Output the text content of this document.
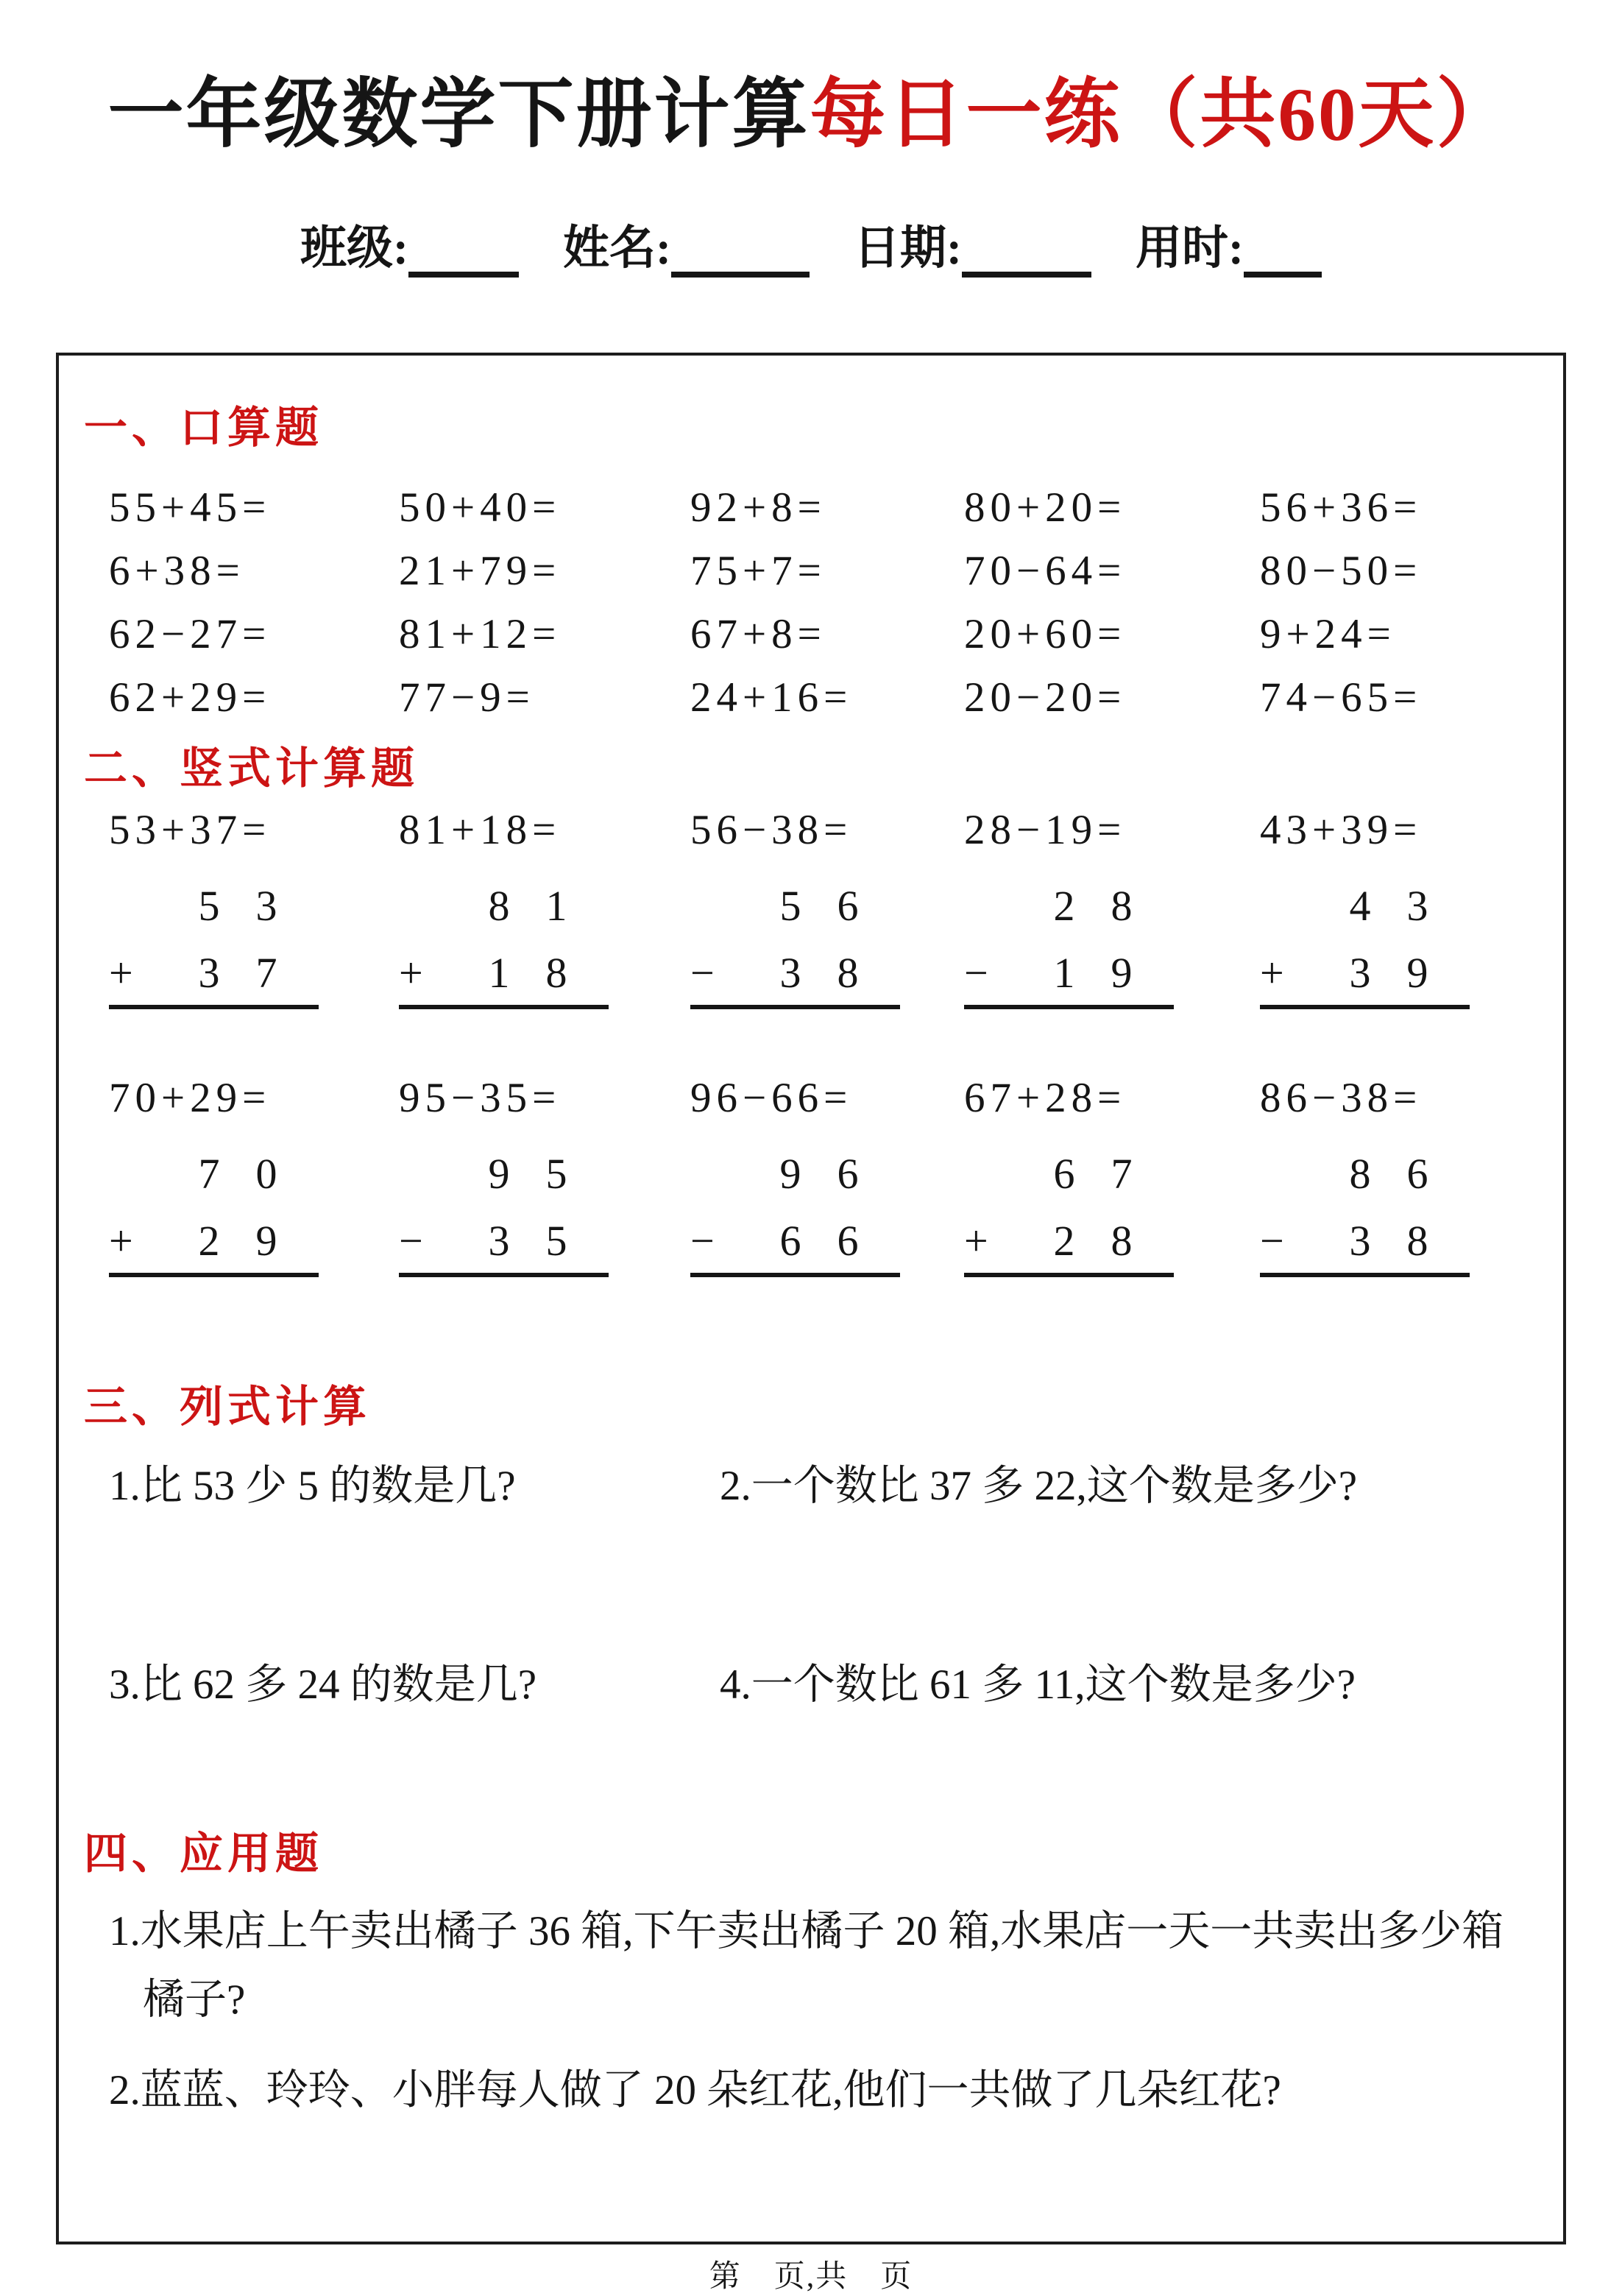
一年级数学下册计算每日一练（共60天）
班级:	姓名:	日期:	用时:
一、口算题
55+45=	50+40=	92+8=	80+20=	56+36=
6+38=	21+79=	75+7=	70−64=	80−50=
62−27=	81+12=	67+8=	20+60=	9+24=
62+29=	77−9=	24+16=	20−20=	74−65=
二、竖式计算题
53+37=
5 3
+	3 7
81+18=
8 1
+	1 8
56−38=
5 6
−	3 8
28−19=
2 8
−	1 9
43+39=
4 3
+	3 9
70+29=
7 0
+	2 9
95−35=
9 5
−	3 5
96−66=
9 6
−	6 6
67+28=
6 7
+	2 8
86−38=
8 6
−	3 8
三、列式计算
1.比 53 少 5 的数是几?	2.一个数比 37 多 22,这个数是多少?
3.比 62 多 24 的数是几?	4.一个数比 61 多 11,这个数是多少?
四、应用题
1.水果店上午卖出橘子 36 箱,下午卖出橘子 20 箱,水果店一天一共卖出多少箱橘子?
2.蓝蓝、玲玲、小胖每人做了 20 朵红花,他们一共做了几朵红花?
第　页,共　页
